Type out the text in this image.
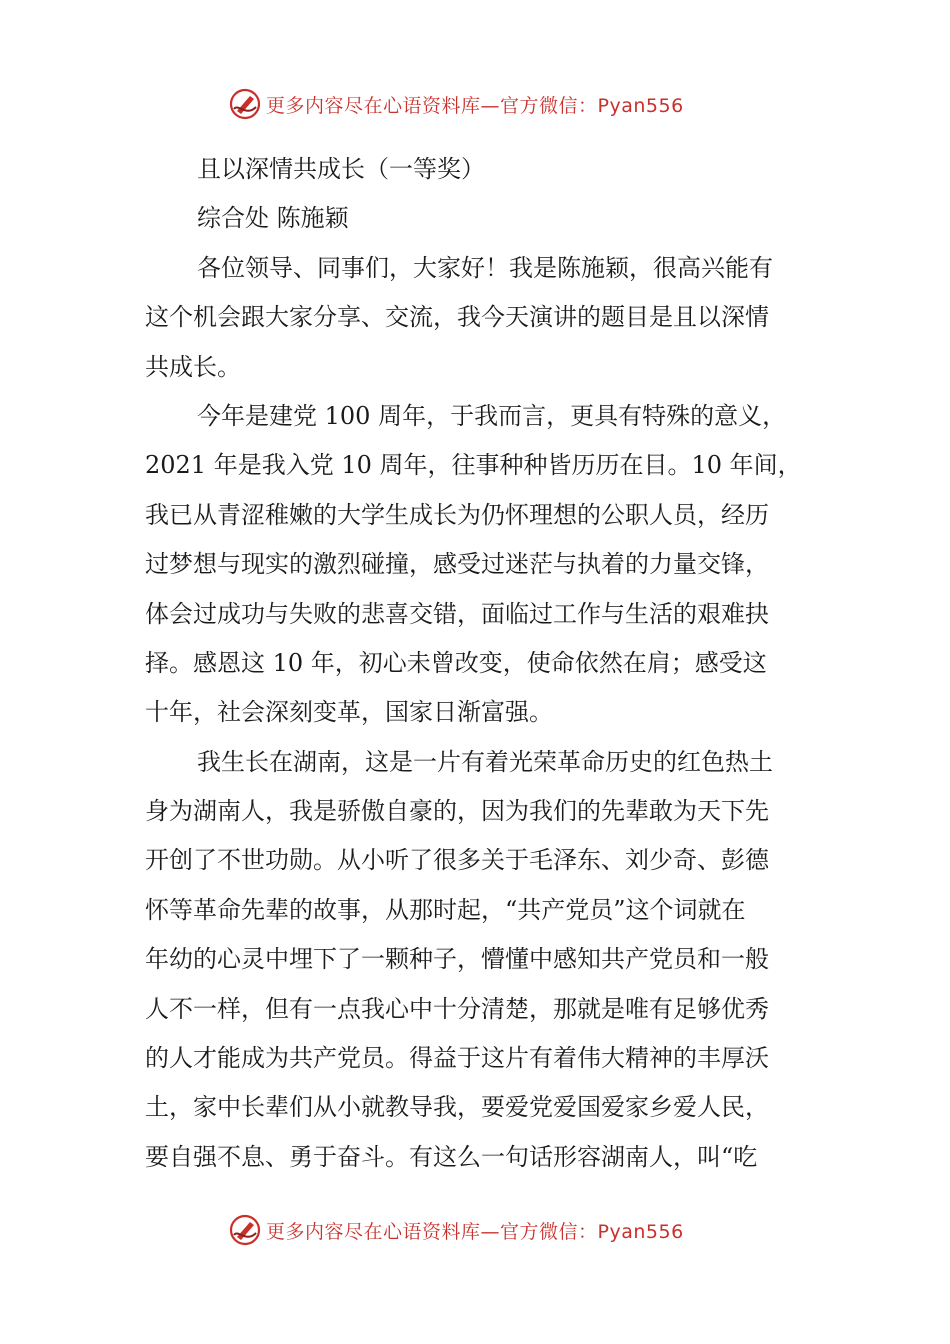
更多内容尽在心语资料库—官方微信：Pyan556
且以深情共成长（一等奖）
综合处 陈施颖
各位领导、同事们，大家好！我是陈施颖，很高兴能有
这个机会跟大家分享、交流，我今天演讲的题目是且以深情
共成长。
今年是建党 100 周年，于我而言，更具有特殊的意义，
2021 年是我入党 10 周年，往事种种皆历历在目。10 年间，
我已从青涩稚嫩的大学生成长为仍怀理想的公职人员，经历
过梦想与现实的激烈碰撞，感受过迷茫与执着的力量交锋，
体会过成功与失败的悲喜交错，面临过工作与生活的艰难抉
择。感恩这 10 年，初心未曾改变，使命依然在肩；感受这
十年，社会深刻变革，国家日渐富强。
我生长在湖南，这是一片有着光荣革命历史的红色热土
身为湖南人，我是骄傲自豪的，因为我们的先辈敢为天下先
开创了不世功勋。从小听了很多关于毛泽东、刘少奇、彭德
怀等革命先辈的故事，从那时起，“共产党员”这个词就在
年幼的心灵中埋下了一颗种子，懵懂中感知共产党员和一般
人不一样，但有一点我心中十分清楚，那就是唯有足够优秀
的人才能成为共产党员。得益于这片有着伟大精神的丰厚沃
土，家中长辈们从小就教导我，要爱党爱国爱家乡爱人民，
要自强不息、勇于奋斗。有这么一句话形容湖南人，叫“吃
更多内容尽在心语资料库—官方微信：Pyan556
